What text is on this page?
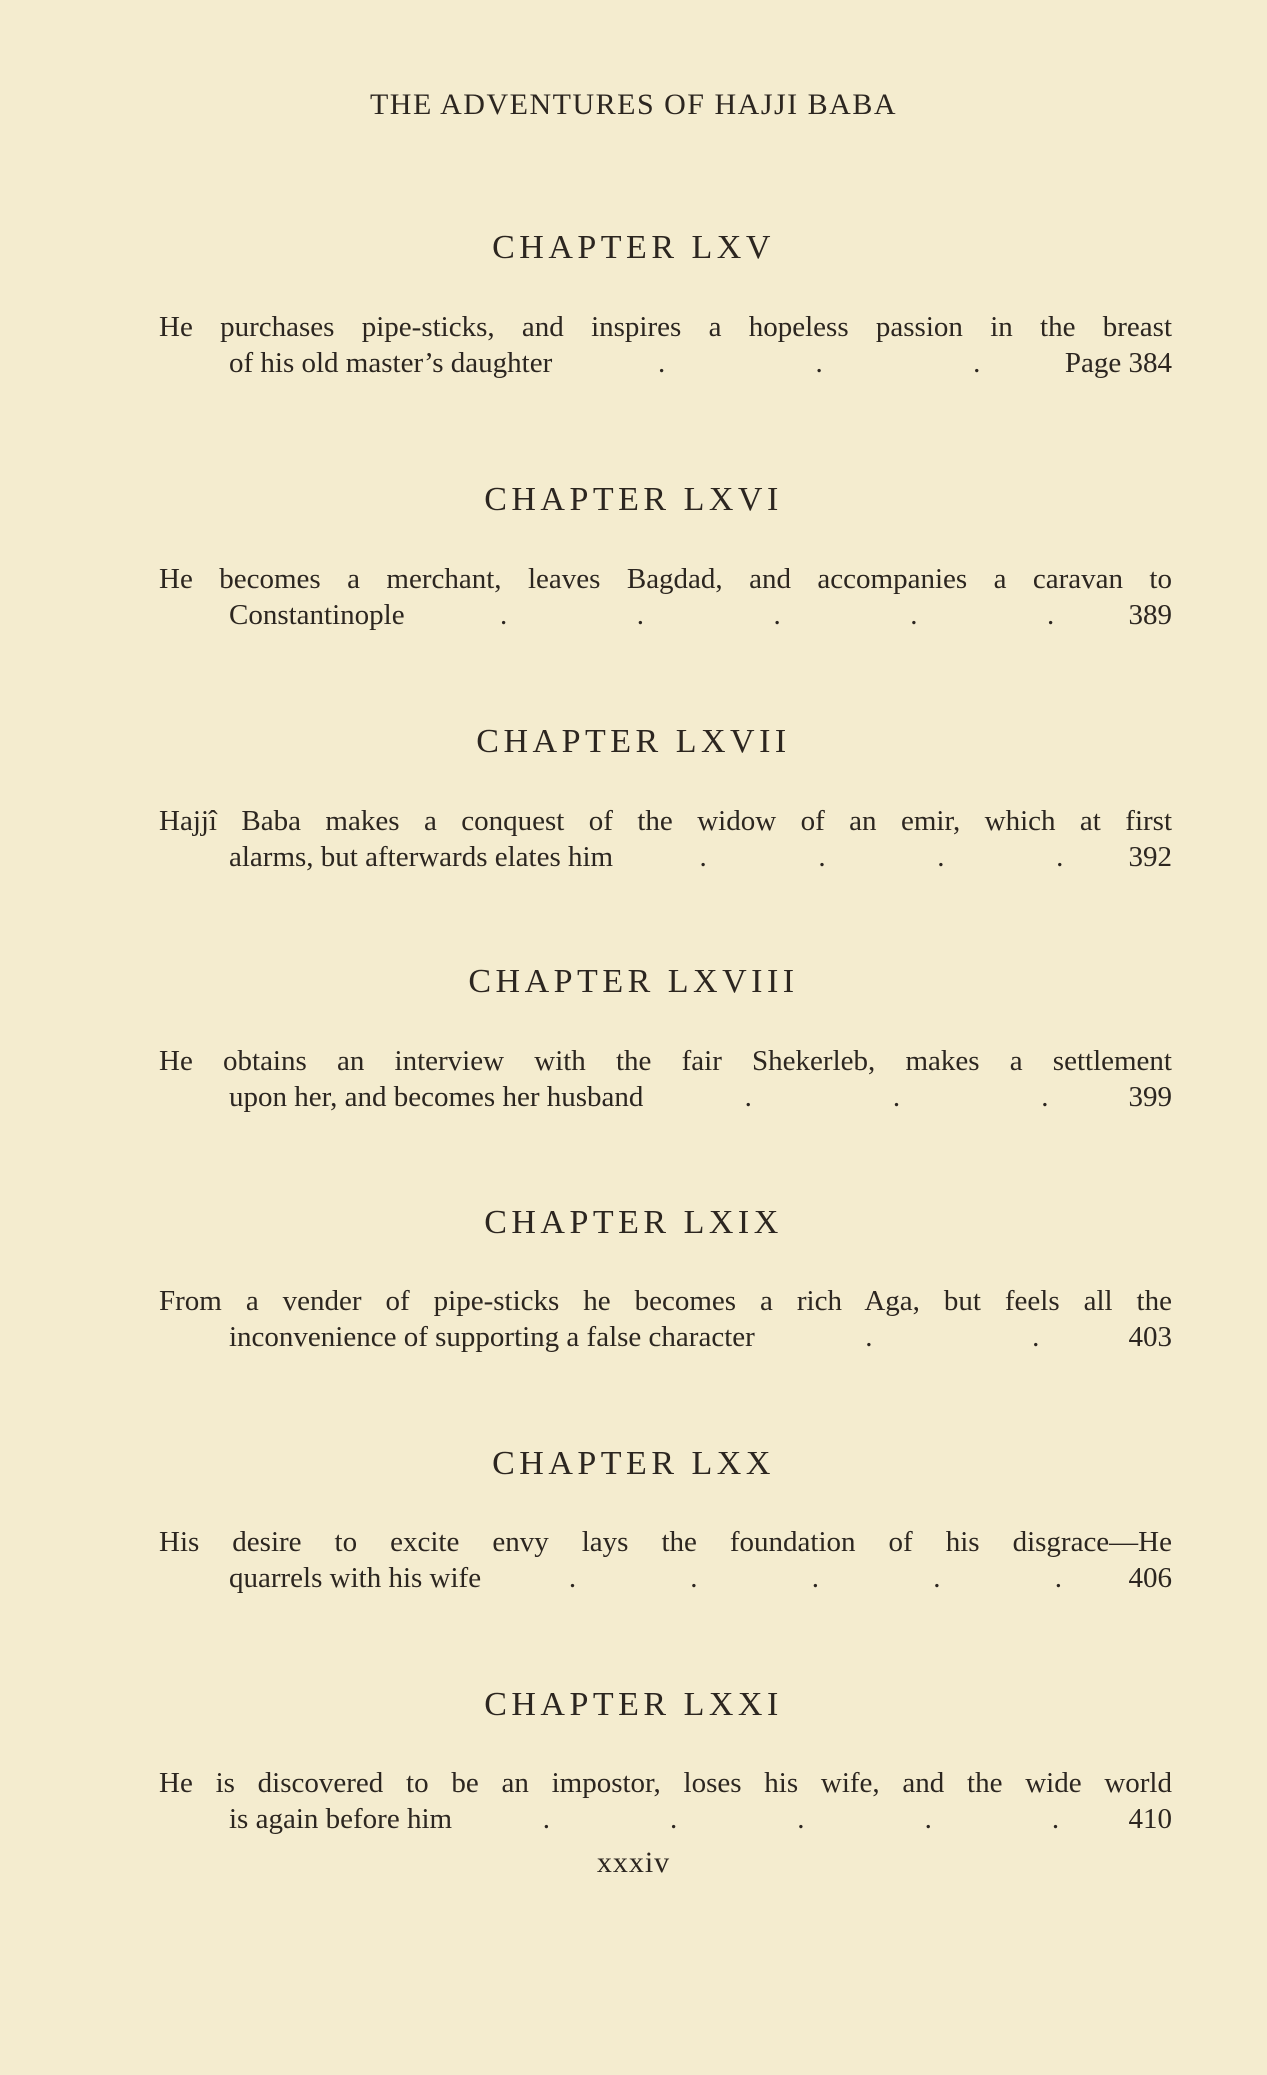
THE ADVENTURES OF HAJJI BABA
CHAPTER LXV
He purchases pipe-sticks, and inspires a hopeless passion in the breast
of his old master’s daughter	.	.	.	Page 384
CHAPTER LXVI
He becomes a merchant, leaves Bagdad, and accompanies a caravan to
Constantinople	.	.	.	.	.	389
CHAPTER LXVII
Hajjî Baba makes a conquest of the widow of an emir, which at first
alarms, but afterwards elates him	.	.	.	. 392
CHAPTER LXVIII
He obtains an interview with the fair Shekerleb, makes a settlement
upon her, and becomes her husband	.	.	.	399
CHAPTER LXIX
From a vender of pipe-sticks he becomes a rich Aga, but feels all the
inconvenience of supporting a false character	.	.	403
CHAPTER LXX
His desire to excite envy lays the foundation of his disgrace—He
quarrels with his wife	.	.	.	.	. 406
CHAPTER LXXI
He is discovered to be an impostor, loses his wife, and the wide world
is again before him	.	.	.	.	. 410
xxxiv
